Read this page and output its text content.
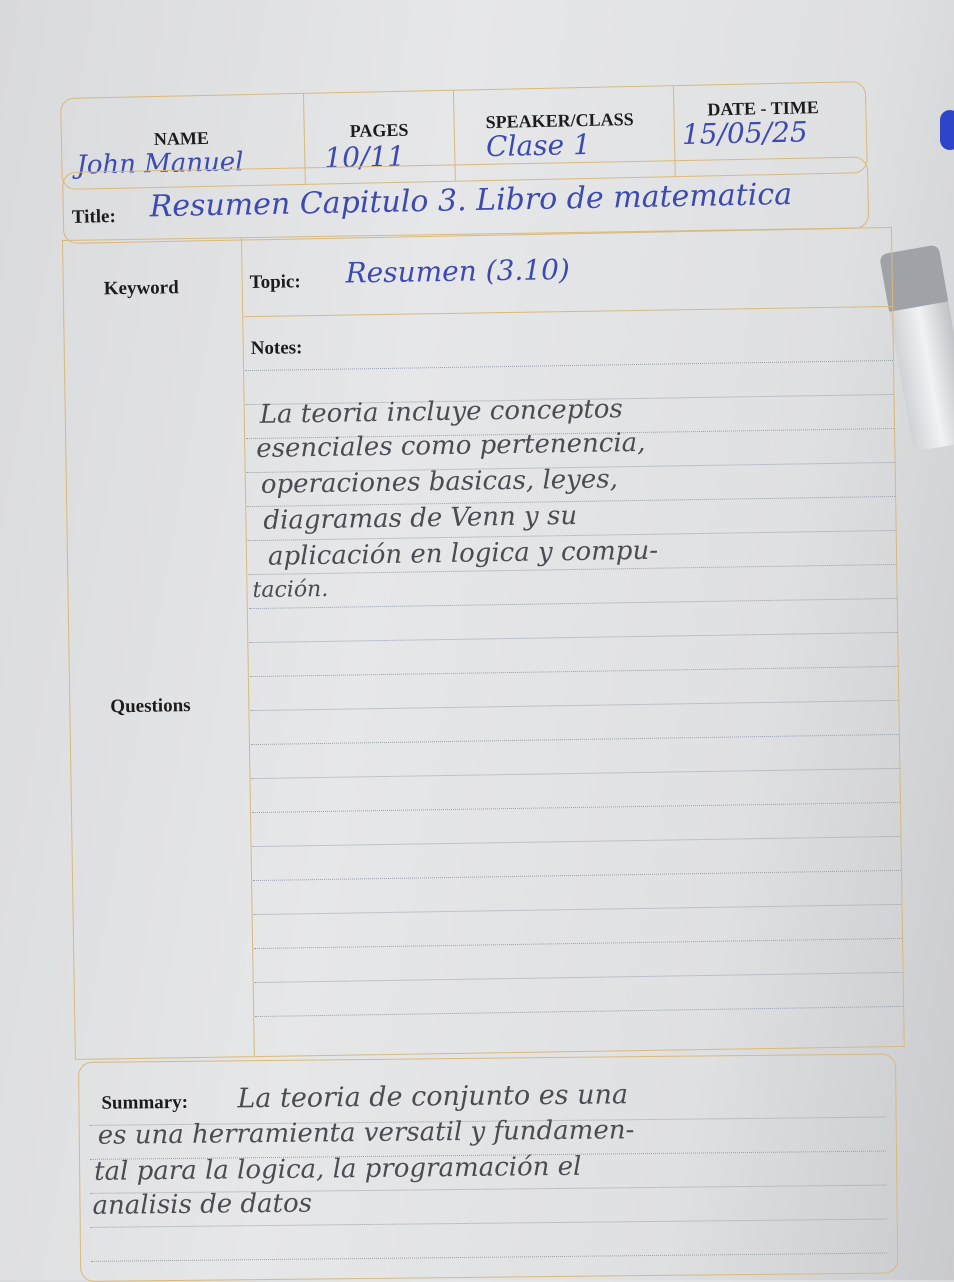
NAME
John Manuel
PAGES
10/11
SPEAKER/CLASS
Clase 1
DATE - TIME
15/05/25
Title: Resumen Capitulo 3. Libro de matematica
Keyword
Questions
Topic: Resumen (3.10)
Notes:
La teoria incluye conceptos
esenciales como pertenencia,
operaciones basicas, leyes,
diagramas de Venn y su
aplicación en logica y compu-
tación.
Summary: La teoria de conjunto es una
es una herramienta versatil y fundamen-
tal para la logica, la programación el
analisis de datos
